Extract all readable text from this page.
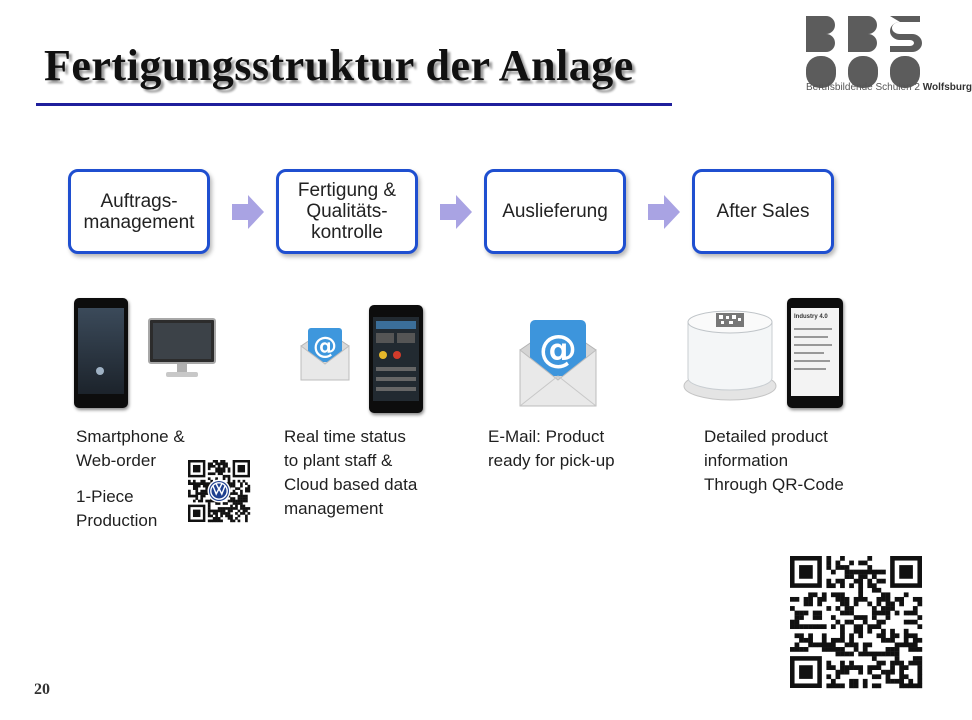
Fertigungsstruktur der Anlage	BBS
Berufsbildende Schulen 2 Wolfsburg
Auftrags-
management
Fertigung &
Qualitäts-
kontrolle
Auslieferung	After Sales
@	@
Industry 4.0
Smartphone &
Web-order
1-Piece
Production
Real time status
to plant staff &
Cloud based data
management
E-Mail: Product
ready for pick-up
Detailed product
information
Through QR-Code
20
